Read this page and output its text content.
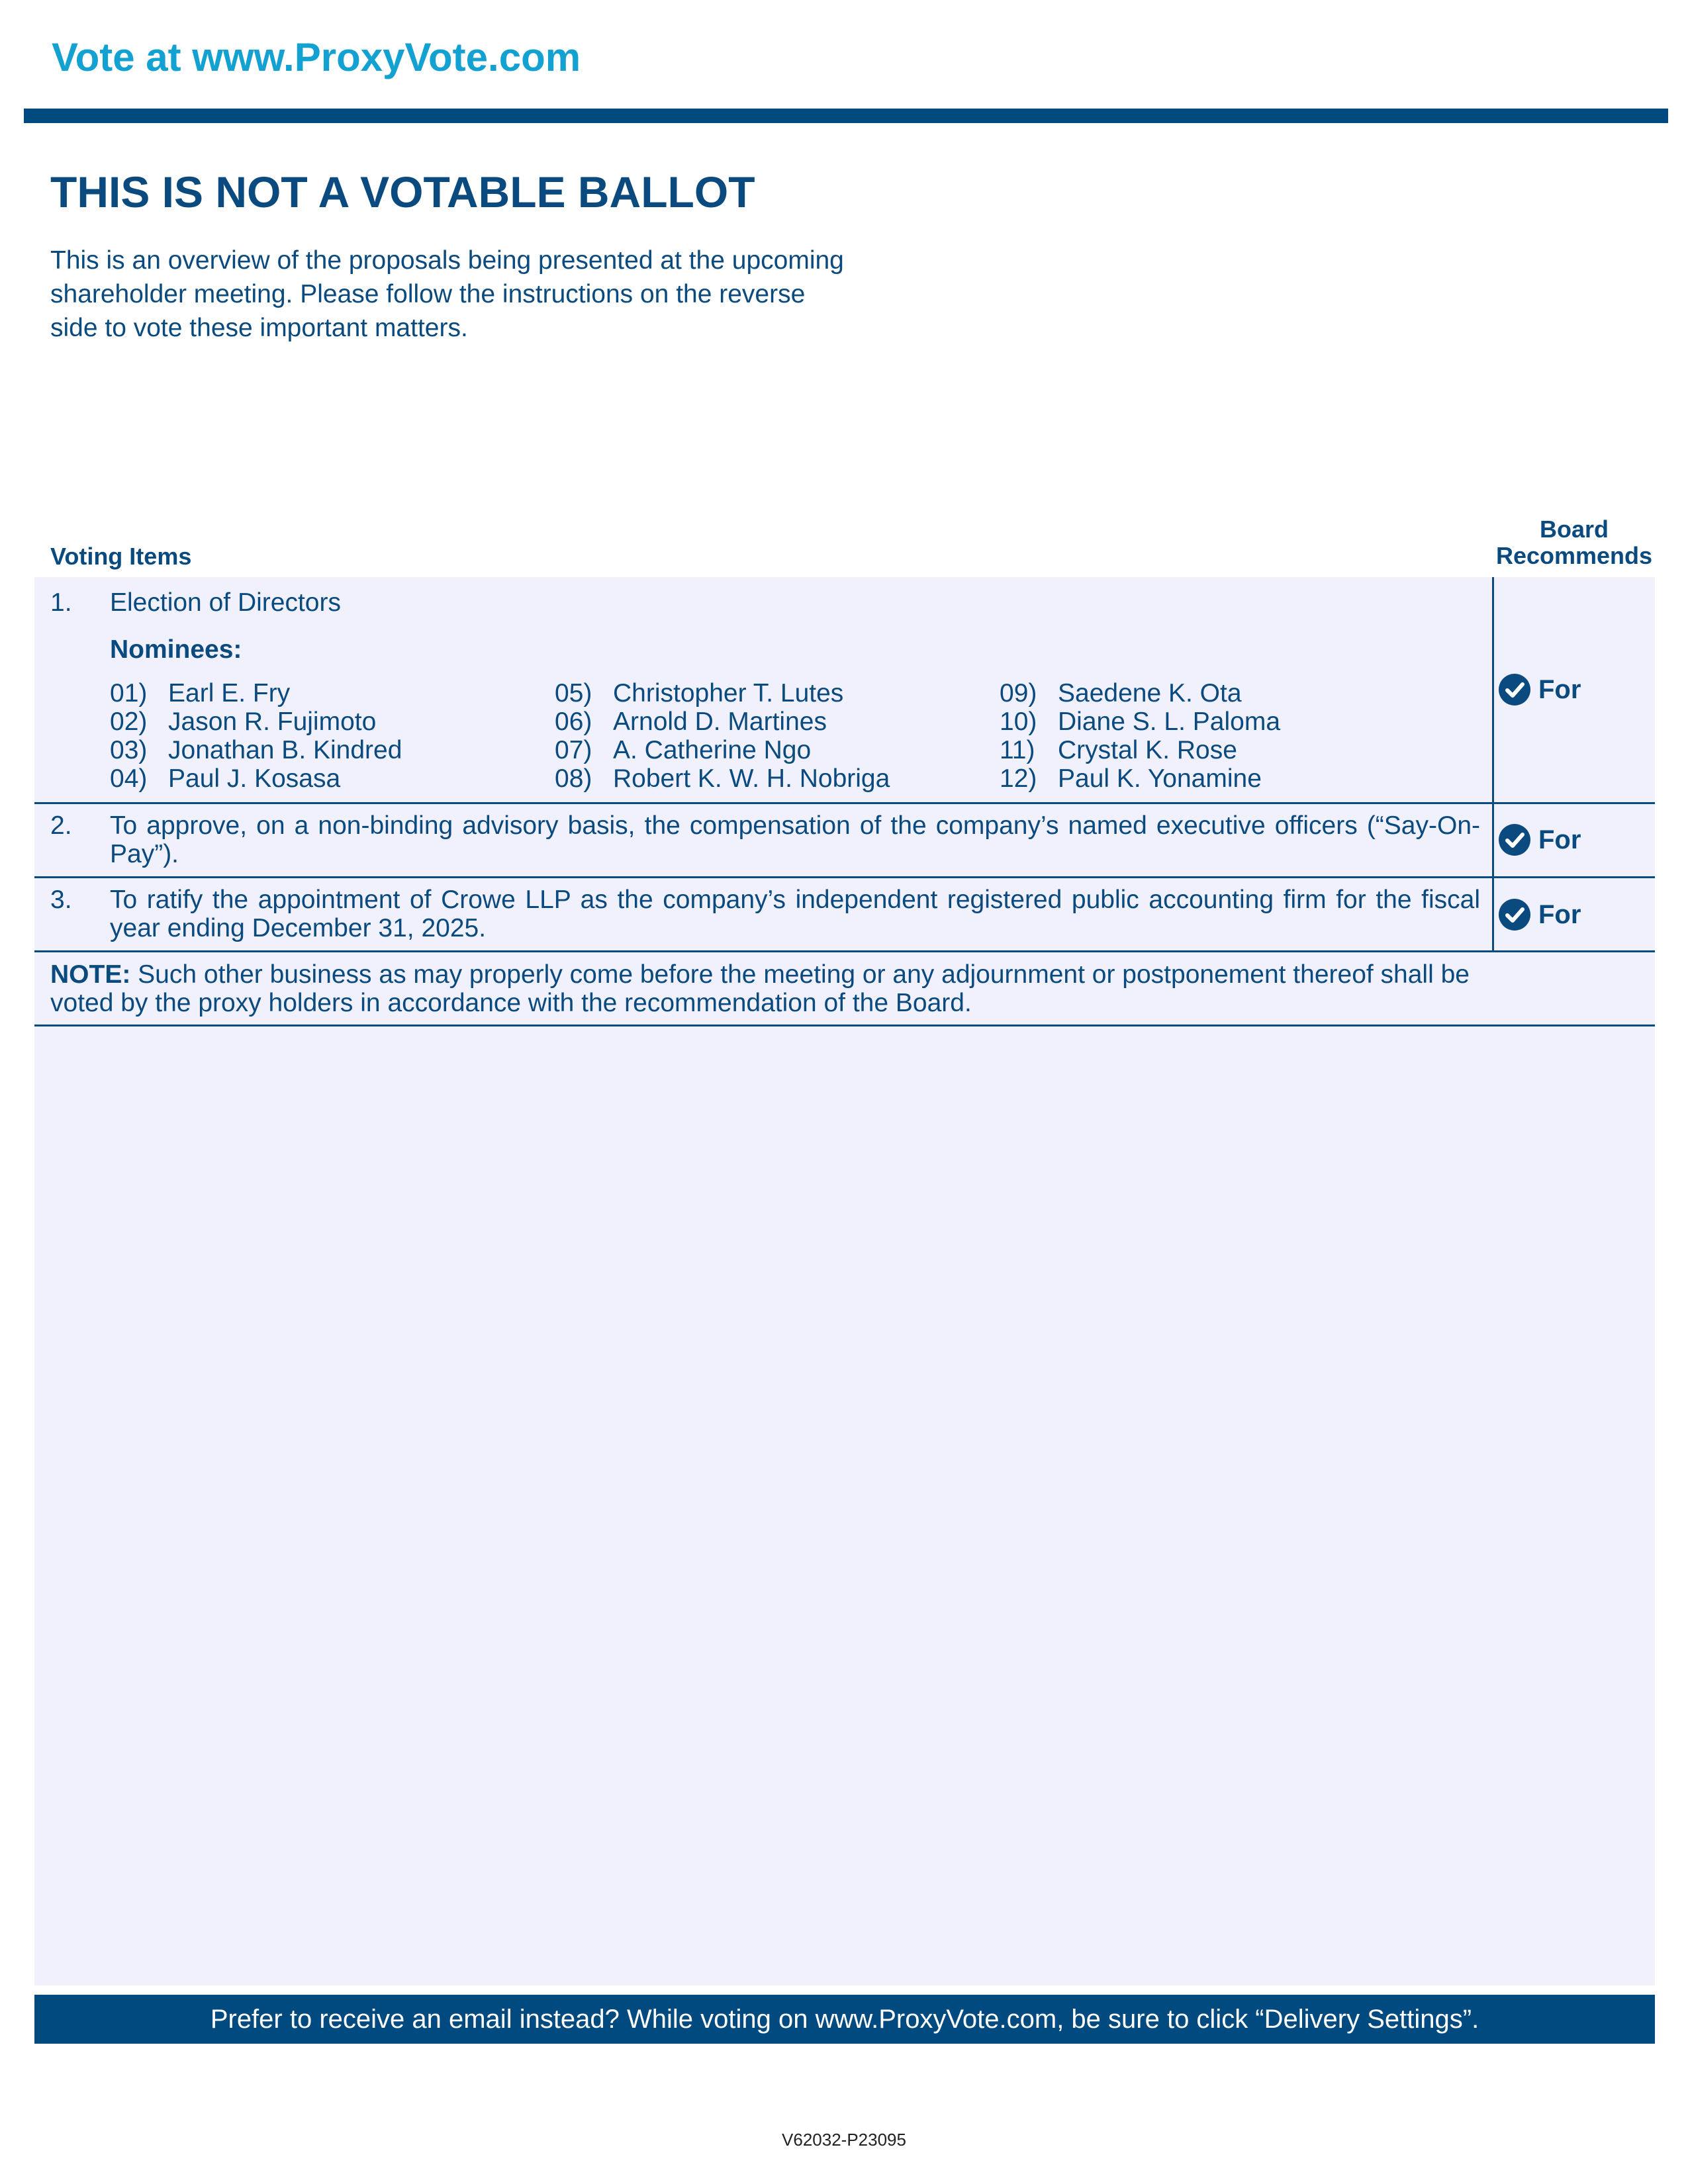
Vote at www.ProxyVote.com
THIS IS NOT A VOTABLE BALLOT
This is an overview of the proposals being presented at the upcoming shareholder meeting. Please follow the instructions on the reverse side to vote these important matters.
Voting Items
Board
Recommends
1. Election of Directors
Nominees:
01) Earl E. Fry
02) Jason R. Fujimoto
03) Jonathan B. Kindred
04) Paul J. Kosasa
05) Christopher T. Lutes
06) Arnold D. Martines
07) A. Catherine Ngo
08) Robert K. W. H. Nobriga
09) Saedene K. Ota
10) Diane S. L. Paloma
11) Crystal K. Rose
12) Paul K. Yonamine
For
2. To approve, on a non-binding advisory basis, the compensation of the company’s named executive officers (“Say-On-Pay”).	For
3. To ratify the appointment of Crowe LLP as the company’s independent registered public accounting firm for the fiscal year ending December 31, 2025.	For
NOTE: Such other business as may properly come before the meeting or any adjournment or postponement thereof shall be voted by the proxy holders in accordance with the recommendation of the Board.
Prefer to receive an email instead? While voting on www.ProxyVote.com, be sure to click “Delivery Settings”.
V62032-P23095
